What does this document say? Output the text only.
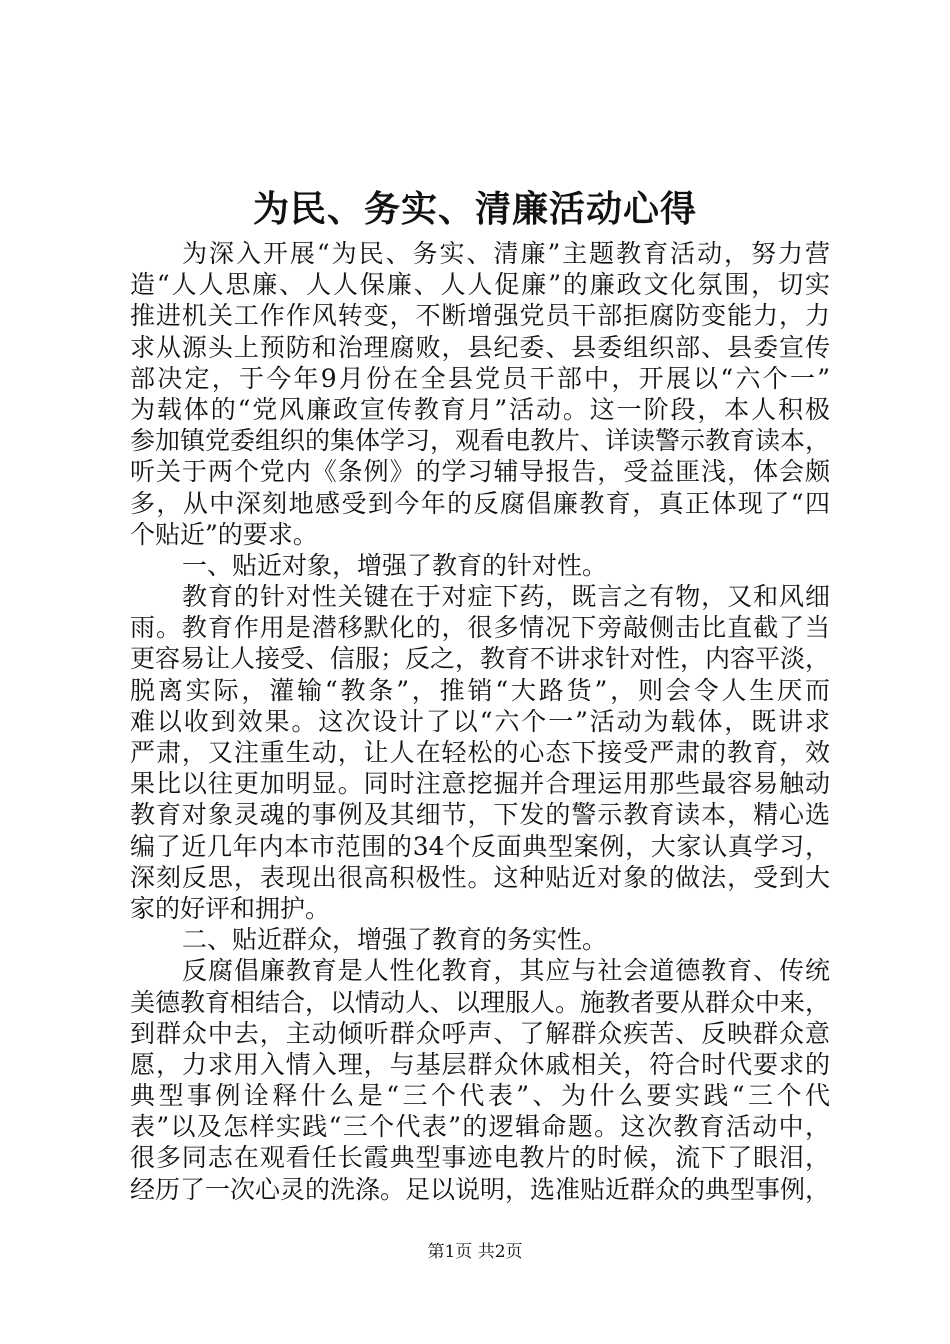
为民、务实、清廉活动心得
为深入开展“为民、务实、清廉”主题教育活动，努力营
造“人人思廉、人人保廉、人人促廉”的廉政文化氛围，切实
推进机关工作作风转变，不断增强党员干部拒腐防变能力，力
求从源头上预防和治理腐败，县纪委、县委组织部、县委宣传
部决定，于今年9月份在全县党员干部中，开展以“六个一”
为载体的“党风廉政宣传教育月”活动。这一阶段，本人积极
参加镇党委组织的集体学习，观看电教片、详读警示教育读本，
听关于两个党内《条例》的学习辅导报告，受益匪浅，体会颇
多，从中深刻地感受到今年的反腐倡廉教育，真正体现了“四
个贴近”的要求。
一、贴近对象，增强了教育的针对性。
教育的针对性关键在于对症下药，既言之有物，又和风细
雨。教育作用是潜移默化的，很多情况下旁敲侧击比直截了当
更容易让人接受、信服；反之，教育不讲求针对性，内容平淡，
脱离实际，灌输“教条”，推销“大路货”，则会令人生厌而
难以收到效果。这次设计了以“六个一”活动为载体，既讲求
严肃，又注重生动，让人在轻松的心态下接受严肃的教育，效
果比以往更加明显。同时注意挖掘并合理运用那些最容易触动
教育对象灵魂的事例及其细节，下发的警示教育读本，精心选
编了近几年内本市范围的34个反面典型案例，大家认真学习，
深刻反思，表现出很高积极性。这种贴近对象的做法，受到大
家的好评和拥护。
二、贴近群众，增强了教育的务实性。
反腐倡廉教育是人性化教育，其应与社会道德教育、传统
美德教育相结合，以情动人、以理服人。施教者要从群众中来，
到群众中去，主动倾听群众呼声、了解群众疾苦、反映群众意
愿，力求用入情入理，与基层群众休戚相关，符合时代要求的
典型事例诠释什么是“三个代表”、为什么要实践“三个代
表”以及怎样实践“三个代表”的逻辑命题。这次教育活动中，
很多同志在观看任长霞典型事迹电教片的时候，流下了眼泪，
经历了一次心灵的洗涤。足以说明，选准贴近群众的典型事例，
第1页 共2页
